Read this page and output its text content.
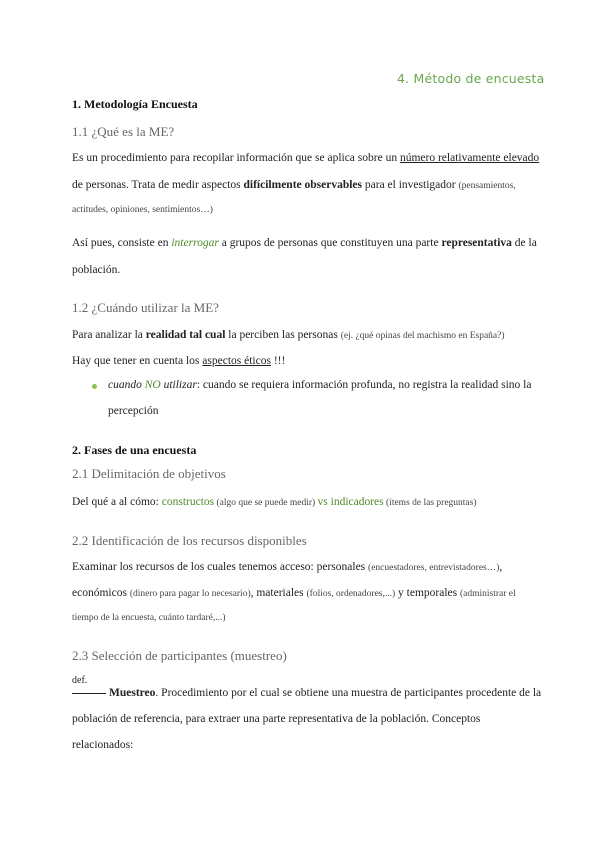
4. Método de encuesta
1. Metodología Encuesta
1.1 ¿Qué es la ME?
Es un procedimiento para recopilar información que se aplica sobre un número relativamente elevado
de personas. Trata de medir aspectos difícilmente observables para el investigador (pensamientos,
actitudes, opiniones, sentimientos…)
Así pues, consiste en interrogar a grupos de personas que constituyen una parte representativa de la
población.
1.2 ¿Cuándo utilizar la ME?
Para analizar la realidad tal cual la perciben las personas (ej. ¿qué opinas del machismo en España?)
Hay que tener en cuenta los aspectos éticos !!!
cuando NO utilizar: cuando se requiera información profunda, no registra la realidad sino la
percepción
2. Fases de una encuesta
2.1 Delimitación de objetivos
Del qué a al cómo: constructos (algo que se puede medir) vs indicadores (ítems de las preguntas)
2.2 Identificación de los recursos disponibles
Examinar los recursos de los cuales tenemos acceso: personales (encuestadores, entrevistadores…),
económicos (dinero para pagar lo necesario), materiales (folios, ordenadores,...) y temporales (administrar el
tiempo de la encuesta, cuánto tardaré,...)
2.3 Selección de participantes (muestreo)
def.
Muestreo. Procedimiento por el cual se obtiene una muestra de participantes procedente de la
población de referencia, para extraer una parte representativa de la población. Conceptos
relacionados:
